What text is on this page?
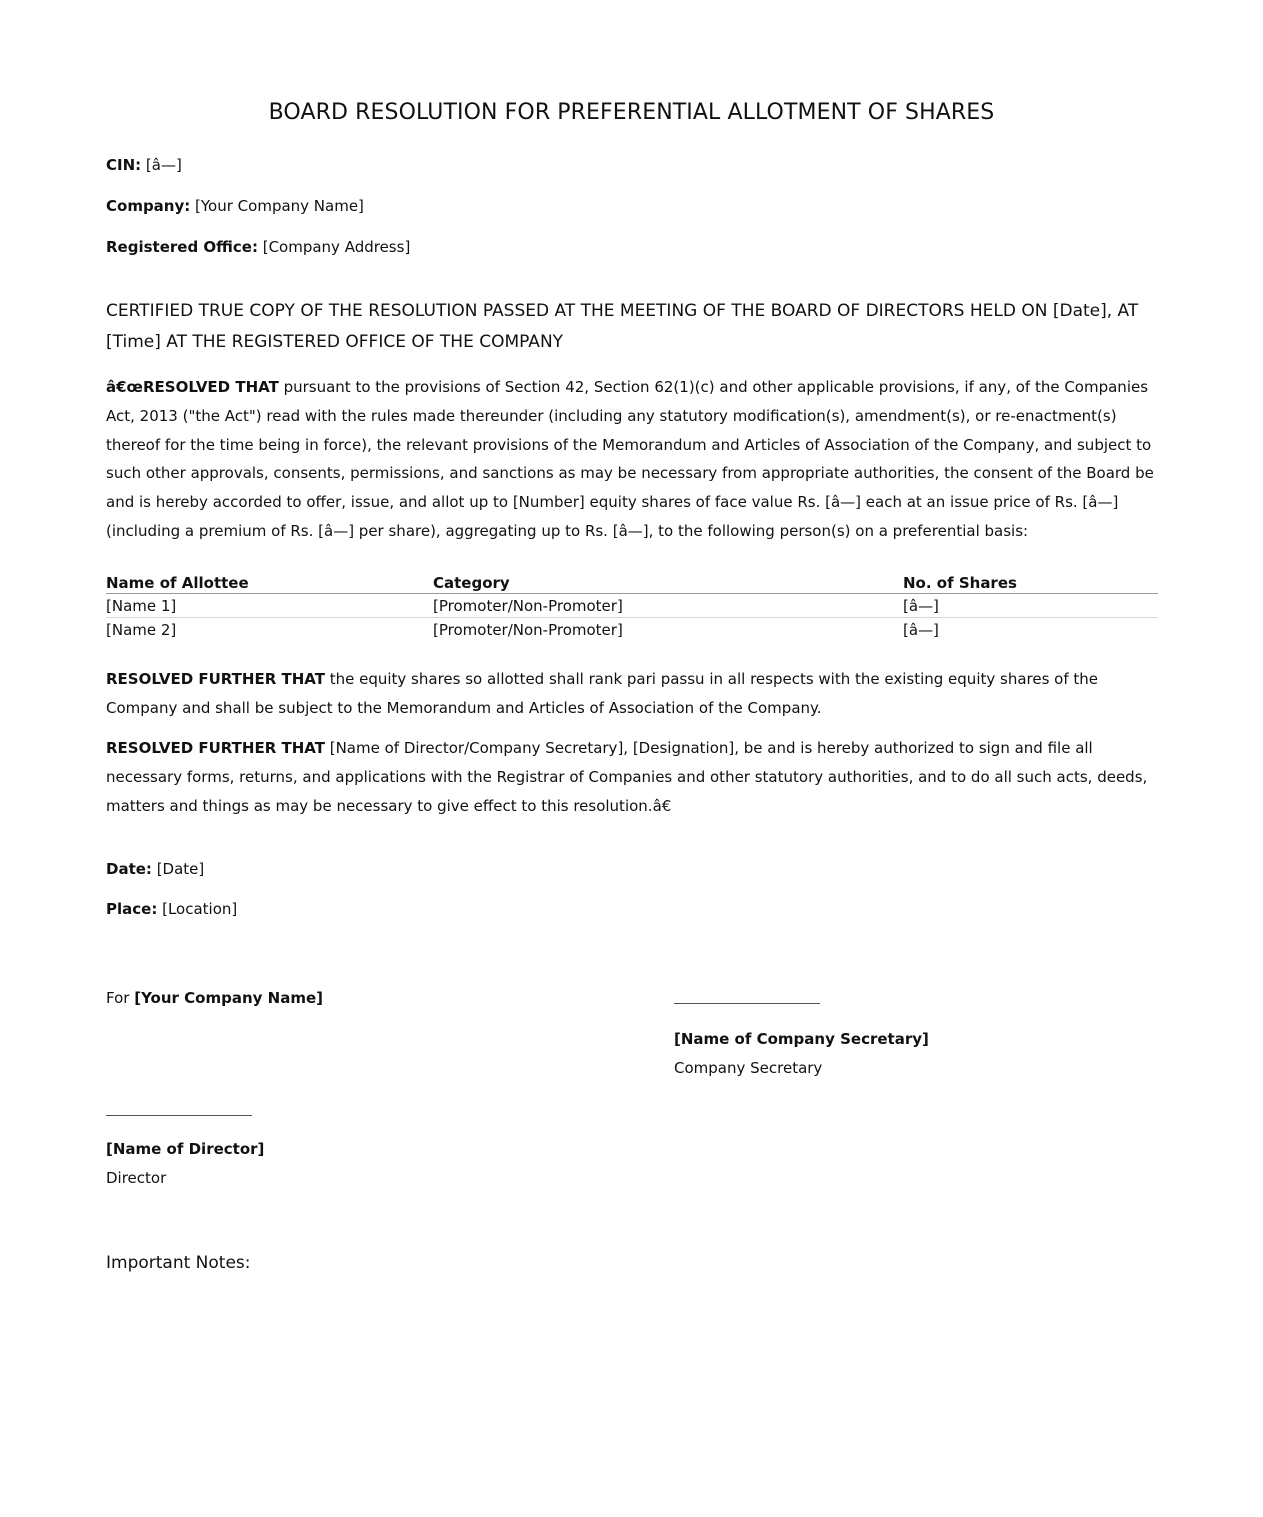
BOARD RESOLUTION FOR PREFERENTIAL ALLOTMENT OF SHARES
CIN: [â—]
Company: [Your Company Name]
Registered Office: [Company Address]
CERTIFIED TRUE COPY OF THE RESOLUTION PASSED AT THE MEETING OF THE BOARD OF DIRECTORS HELD ON [Date], AT [Time] AT THE REGISTERED OFFICE OF THE COMPANY
â€œRESOLVED THAT pursuant to the provisions of Section 42, Section 62(1)(c) and other applicable provisions, if any, of the Companies Act, 2013 ("the Act") read with the rules made thereunder (including any statutory modification(s), amendment(s), or re-enactment(s) thereof for the time being in force), the relevant provisions of the Memorandum and Articles of Association of the Company, and subject to such other approvals, consents, permissions, and sanctions as may be necessary from appropriate authorities, the consent of the Board be and is hereby accorded to offer, issue, and allot up to [Number] equity shares of face value Rs. [â—] each at an issue price of Rs. [â—] (including a premium of Rs. [â—] per share), aggregating up to Rs. [â—], to the following person(s) on a preferential basis:
Name of Allottee	Category	No. of Shares
[Name 1]	[Promoter/Non-Promoter]	[â—]
[Name 2]	[Promoter/Non-Promoter]	[â—]
RESOLVED FURTHER THAT the equity shares so allotted shall rank pari passu in all respects with the existing equity shares of the Company and shall be subject to the Memorandum and Articles of Association of the Company.
RESOLVED FURTHER THAT [Name of Director/Company Secretary], [Designation], be and is hereby authorized to sign and file all necessary forms, returns, and applications with the Registrar of Companies and other statutory authorities, and to do all such acts, deeds, matters and things as may be necessary to give effect to this resolution.â€
Date: [Date]
Place: [Location]
For [Your Company Name]
[Name of Company Secretary]
Company Secretary
[Name of Director]
Director
Important Notes:
